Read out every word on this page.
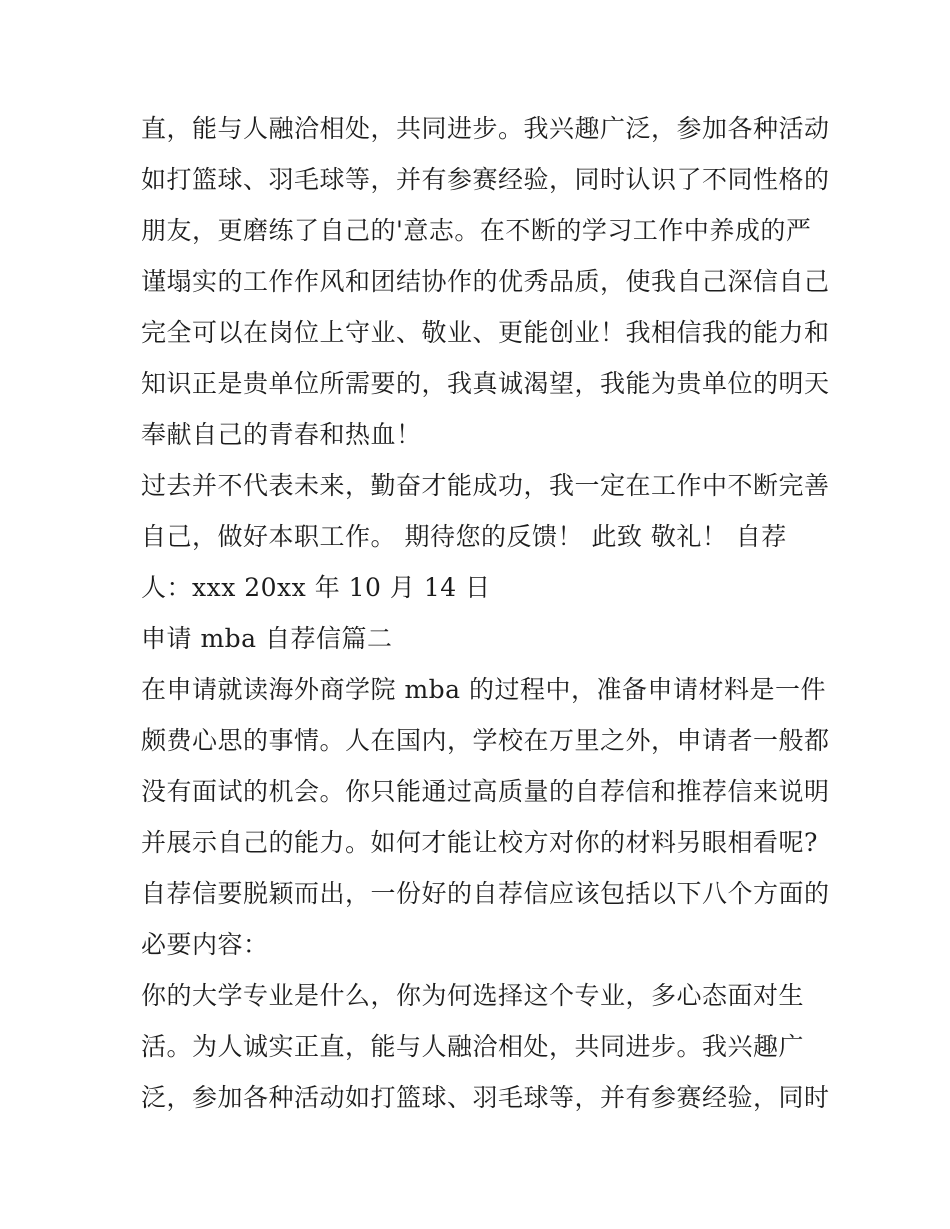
直，能与人融洽相处，共同进步。我兴趣广泛，参加各种活动
如打篮球、羽毛球等，并有参赛经验，同时认识了不同性格的
朋友，更磨练了自己的'意志。在不断的学习工作中养成的严
谨塌实的工作作风和团结协作的优秀品质，使我自己深信自己
完全可以在岗位上守业、敬业、更能创业！我相信我的能力和
知识正是贵单位所需要的，我真诚渴望，我能为贵单位的明天
奉献自己的青春和热血！
过去并不代表未来，勤奋才能成功，我一定在工作中不断完善
自己，做好本职工作。 期待您的反馈！ 此致 敬礼！ 自荐
人：xxx 20xx 年 10 月 14 日
申请 mba 自荐信篇二
在申请就读海外商学院 mba 的过程中，准备申请材料是一件
颇费心思的事情。人在国内，学校在万里之外，申请者一般都
没有面试的机会。你只能通过高质量的自荐信和推荐信来说明
并展示自己的能力。如何才能让校方对你的材料另眼相看呢?
自荐信要脱颖而出，一份好的自荐信应该包括以下八个方面的
必要内容：
你的大学专业是什么，你为何选择这个专业，多心态面对生
活。为人诚实正直，能与人融洽相处，共同进步。我兴趣广
泛，参加各种活动如打篮球、羽毛球等，并有参赛经验，同时
